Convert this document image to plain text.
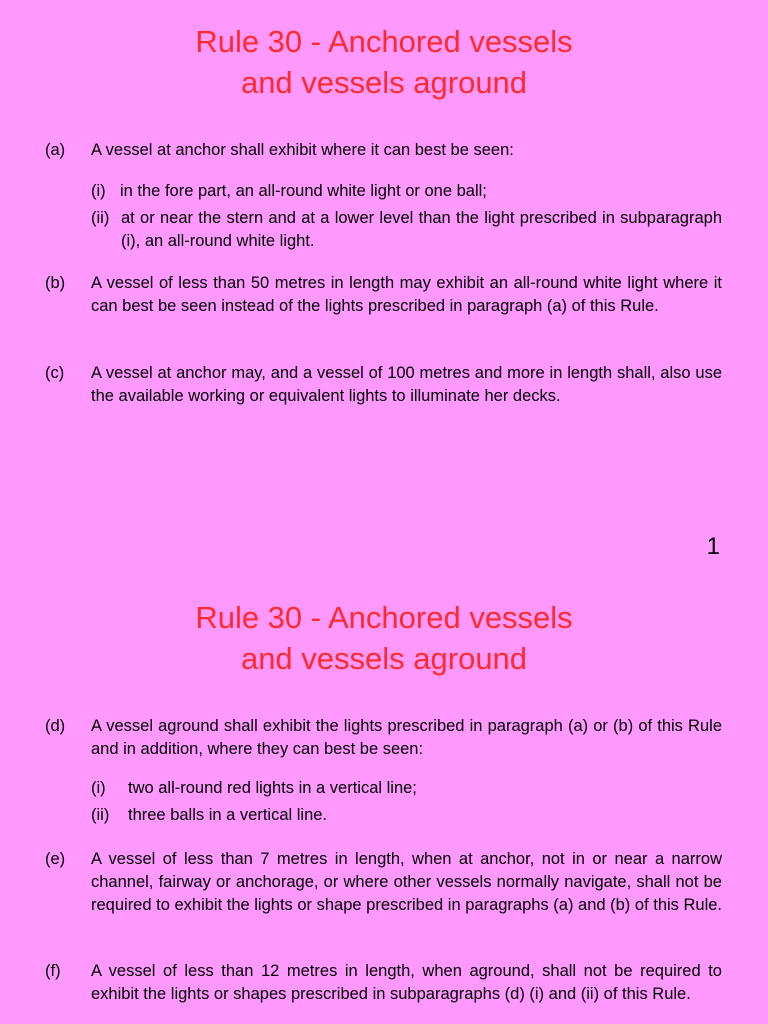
Rule 30 - Anchored vessels
and vessels aground
(a) A vessel at anchor shall exhibit where it can best be seen:
(i) in the fore part, an all-round white light or one ball;
(ii) at or near the stern and at a lower level than the light prescribed in subparagraph (i), an all-round white light.
(b) A vessel of less than 50 metres in length may exhibit an all-round white light where it can best be seen instead of the lights prescribed in paragraph (a) of this Rule.
(c) A vessel at anchor may, and a vessel of 100 metres and more in length shall, also use the available working or equivalent lights to illuminate her decks.
1
Rule 30 - Anchored vessels
and vessels aground
(d) A vessel aground shall exhibit the lights prescribed in paragraph (a) or (b) of this Rule and in addition, where they can best be seen:
(i) two all-round red lights in a vertical line;
(ii) three balls in a vertical line.
(e) A vessel of less than 7 metres in length, when at anchor, not in or near a narrow channel, fairway or anchorage, or where other vessels normally navigate, shall not be required to exhibit the lights or shape prescribed in paragraphs (a) and (b) of this Rule.
(f) A vessel of less than 12 metres in length, when aground, shall not be required to exhibit the lights or shapes prescribed in subparagraphs (d) (i) and (ii) of this Rule.
